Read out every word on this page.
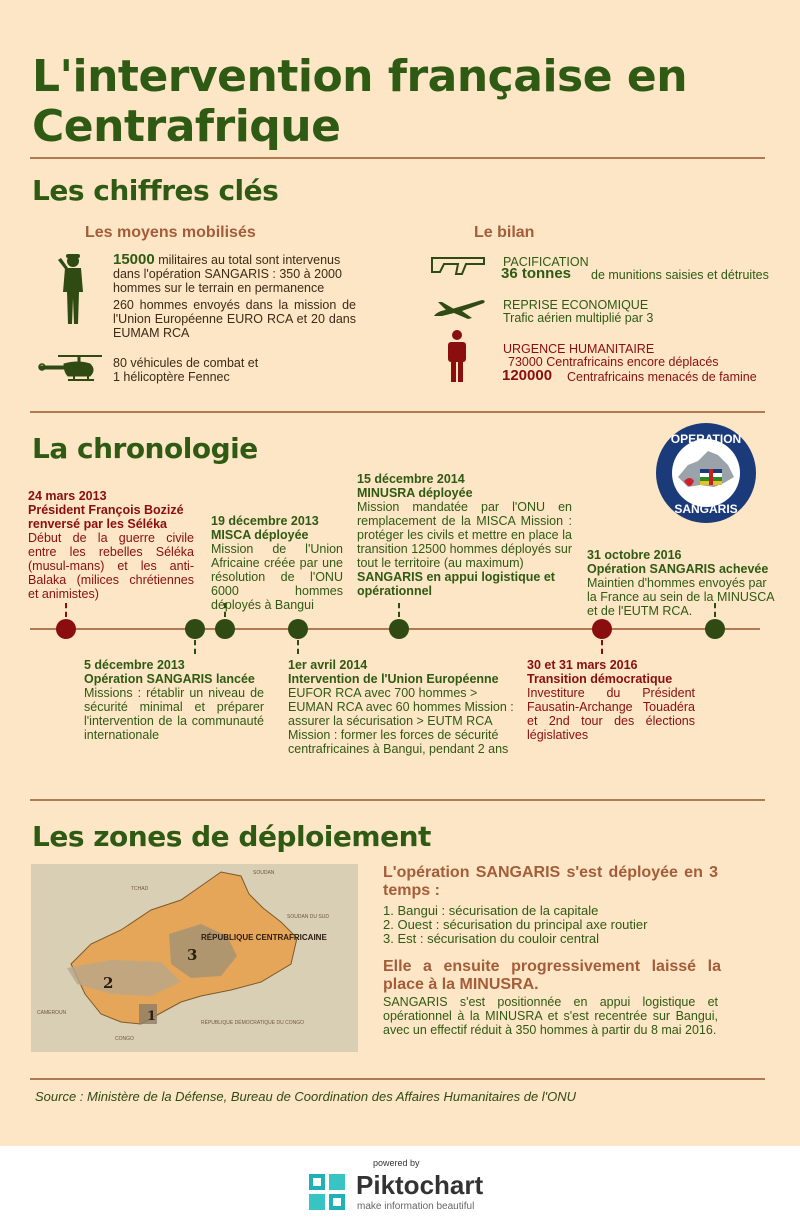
L'intervention française en Centrafrique
Les chiffres clés
Les moyens mobilisés	Le bilan
15000 militaires au total sont intervenus dans l'opération SANGARIS : 350 à 2000 hommes sur le terrain en permanence
260 hommes envoyés dans la mission de l'Union Européenne EURO RCA et 20 dans EUMAM RCA
80 véhicules de combat et 1 hélicoptère Fennec
PACIFICATION
36 tonnes de munitions saisies et détruites
REPRISE ECONOMIQUE
Trafic aérien multiplié par 3
URGENCE HUMANITAIRE
73000 Centrafricains encore déplacés
120000 Centrafricains menacés de famine
La chronologie	OPERATION
SANGARIS
24 mars 2013
Président François Bozizé renversé par les Séléka
Début de la guerre civile entre les rebelles Séléka (musul-mans) et les anti-Balaka (milices chrétiennes et animistes)
5 décembre 2013
Opération SANGARIS lancée
Missions : rétablir un niveau de sécurité minimal et préparer l'intervention de la communauté internationale
19 décembre 2013
MISCA déployée
Mission de l'Union Africaine créée par une résolution de l'ONU 6000 hommes déployés à Bangui
1er avril 2014
Intervention de l'Union Européenne
EUFOR RCA avec 700 hommes > EUMAN RCA avec 60 hommes Mission : assurer la sécurisation > EUTM RCA Mission : former les forces de sécurité centrafricaines à Bangui, pendant 2 ans
15 décembre 2014
MINUSRA déployée
Mission mandatée par l'ONU en remplacement de la MISCA Mission : protéger les civils et mettre en place la transition 12500 hommes déployés sur tout le territoire (au maximum)
SANGARIS en appui logistique et opérationnel
30 et 31 mars 2016
Transition démocratique
Investiture du Président Fausatin-Archange Touadéra et 2nd tour des élections législatives
31 octobre 2016
Opération SANGARIS achevée
Maintien d'hommes envoyés par la France au sein de la MINUSCA et de l'EUTM RCA.
Les zones de déploiement
RÉPUBLIQUE CENTRAFRICAINE
3
2
1
TCHAD
SOUDAN
SOUDAN DU SUD
CAMEROUN
CONGO
RÉPUBLIQUE DÉMOCRATIQUE DU CONGO
L'opération SANGARIS s'est déployée en 3 temps :
1. Bangui : sécurisation de la capitale
2. Ouest : sécurisation du principal axe routier
3. Est : sécurisation du couloir central
Elle a ensuite progressivement laissé la place à la MINUSRA.
SANGARIS s'est positionnée en appui logistique et opérationnel à la MINUSRA et s'est recentrée sur Bangui, avec un effectif réduit à 350 hommes à partir du 8 mai 2016.
Source : Ministère de la Défense, Bureau de Coordination des Affaires Humanitaires de l'ONU
powered by
Piktochart
make information beautiful
